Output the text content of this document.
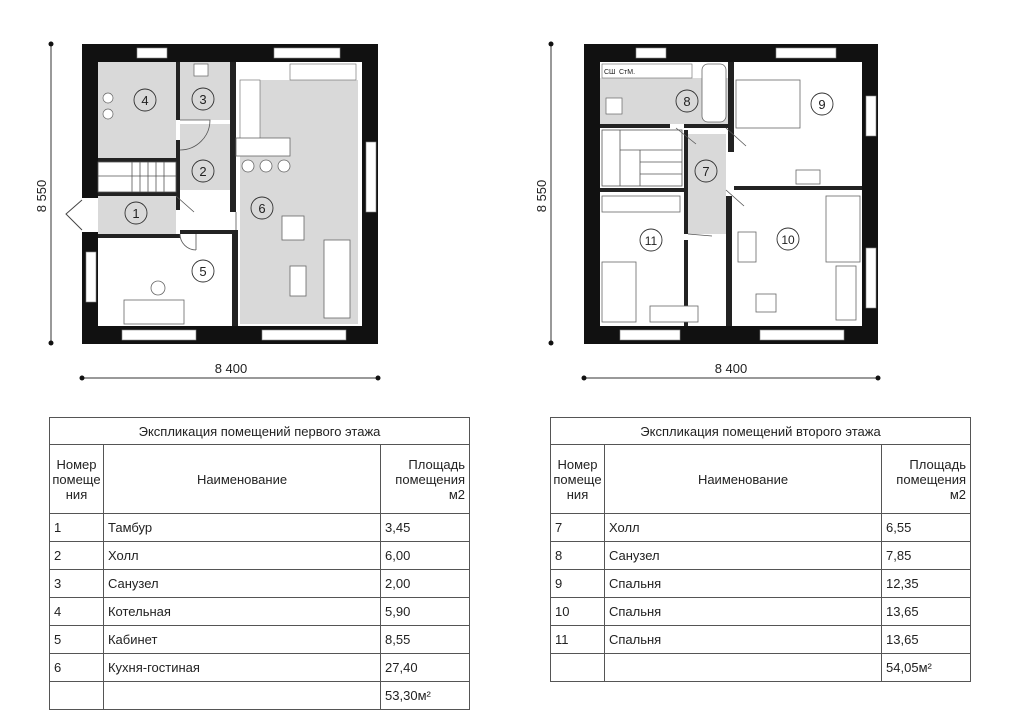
8 550
8 400
1
2
3
4
5
6	8 550
8 400
СШ СтМ.
7
8	9
10
11
Экспликация помещений первого этажа		
Номер помеще ния	Наименование	Площадь помещения м2
1	Тамбур	3,45
2	Холл	6,00
3	Санузел	2,00
4	Котельная	5,90
5	Кабинет	8,55
6	Кухня-гостиная	27,40
		53,30м²
Экспликация помещений второго этажа		
Номер помеще ния	Наименование	Площадь помещения м2
7	Холл	6,55
8	Санузел	7,85
9	Спальня	12,35
10	Спальня	13,65
11	Спальня	13,65
		54,05м²
